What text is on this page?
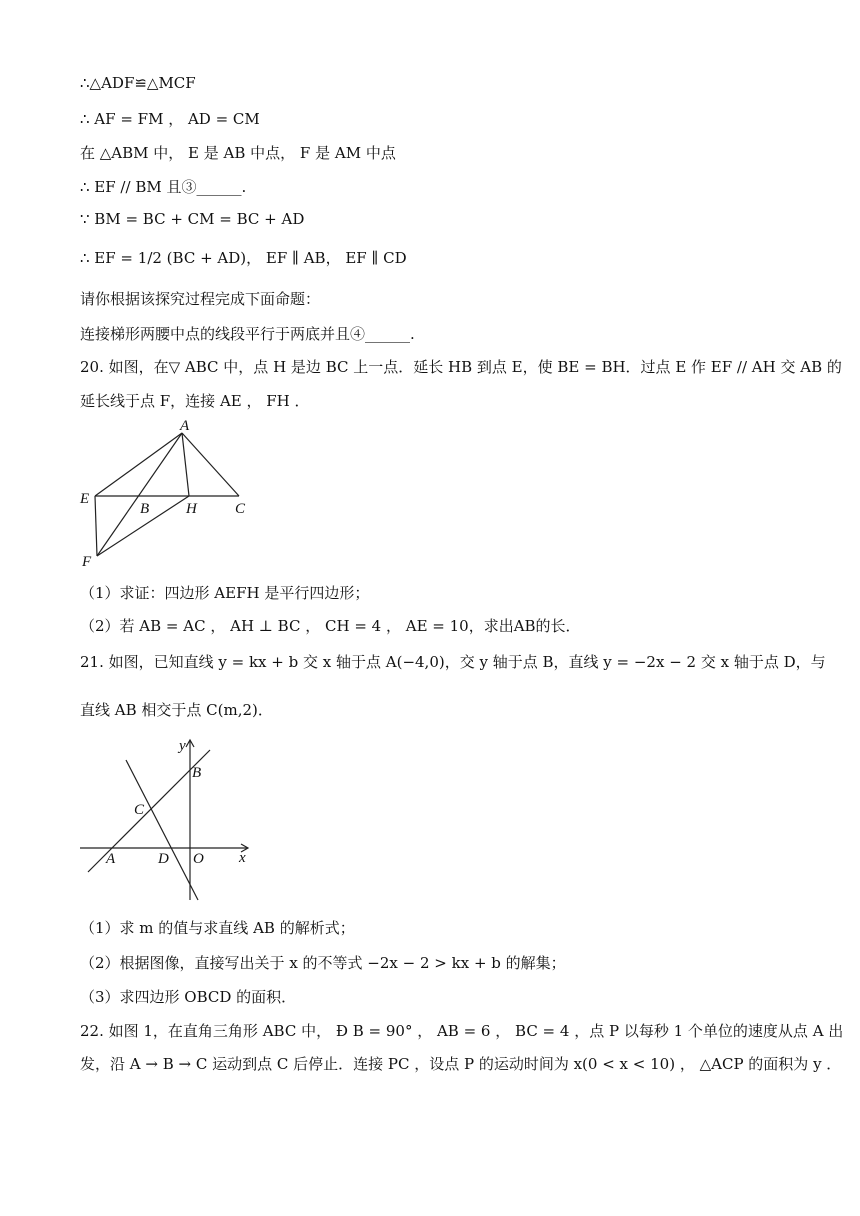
∴△ADF≌△MCF
∴ AF = FM ， AD = CM
在 △ABM 中， E 是 AB 中点， F 是 AM 中点
∴ EF // BM 且③______.
∵ BM = BC + CM = BC + AD
∴ EF = 1/2 (BC + AD)， EF ∥ AB， EF ∥ CD
请你根据该探究过程完成下面命题：
连接梯形两腰中点的线段平行于两底并且④______.
20. 如图，在▽ ABC 中，点 H 是边 BC 上一点．延长 HB 到点 E，使 BE = BH．过点 E 作 EF // AH 交 AB 的
延长线于点 F，连接 AE ， FH ．
A
E
B H	C
F
（1）求证：四边形 AEFH 是平行四边形；
（2）若 AB = AC ， AH ⊥ BC ， CH = 4 ， AE = 10，求出AB的长．
21. 如图，已知直线 y = kx + b 交 x 轴于点 A(−4,0)，交 y 轴于点 B，直线 y = −2x − 2 交 x 轴于点 D，与
直线 AB 相交于点 C(m,2)．
y
B
C
A	D O x
（1）求 m 的值与求直线 AB 的解析式；
（2）根据图像，直接写出关于 x 的不等式 −2x − 2 > kx + b 的解集；
（3）求四边形 OBCD 的面积．
22. 如图 1，在直角三角形 ABC 中， Ð B = 90° ， AB = 6 ， BC = 4 ，点 P 以每秒 1 个单位的速度从点 A 出
发，沿 A → B → C 运动到点 C 后停止．连接 PC ，设点 P 的运动时间为 x(0 < x < 10) ， △ACP 的面积为 y ．
